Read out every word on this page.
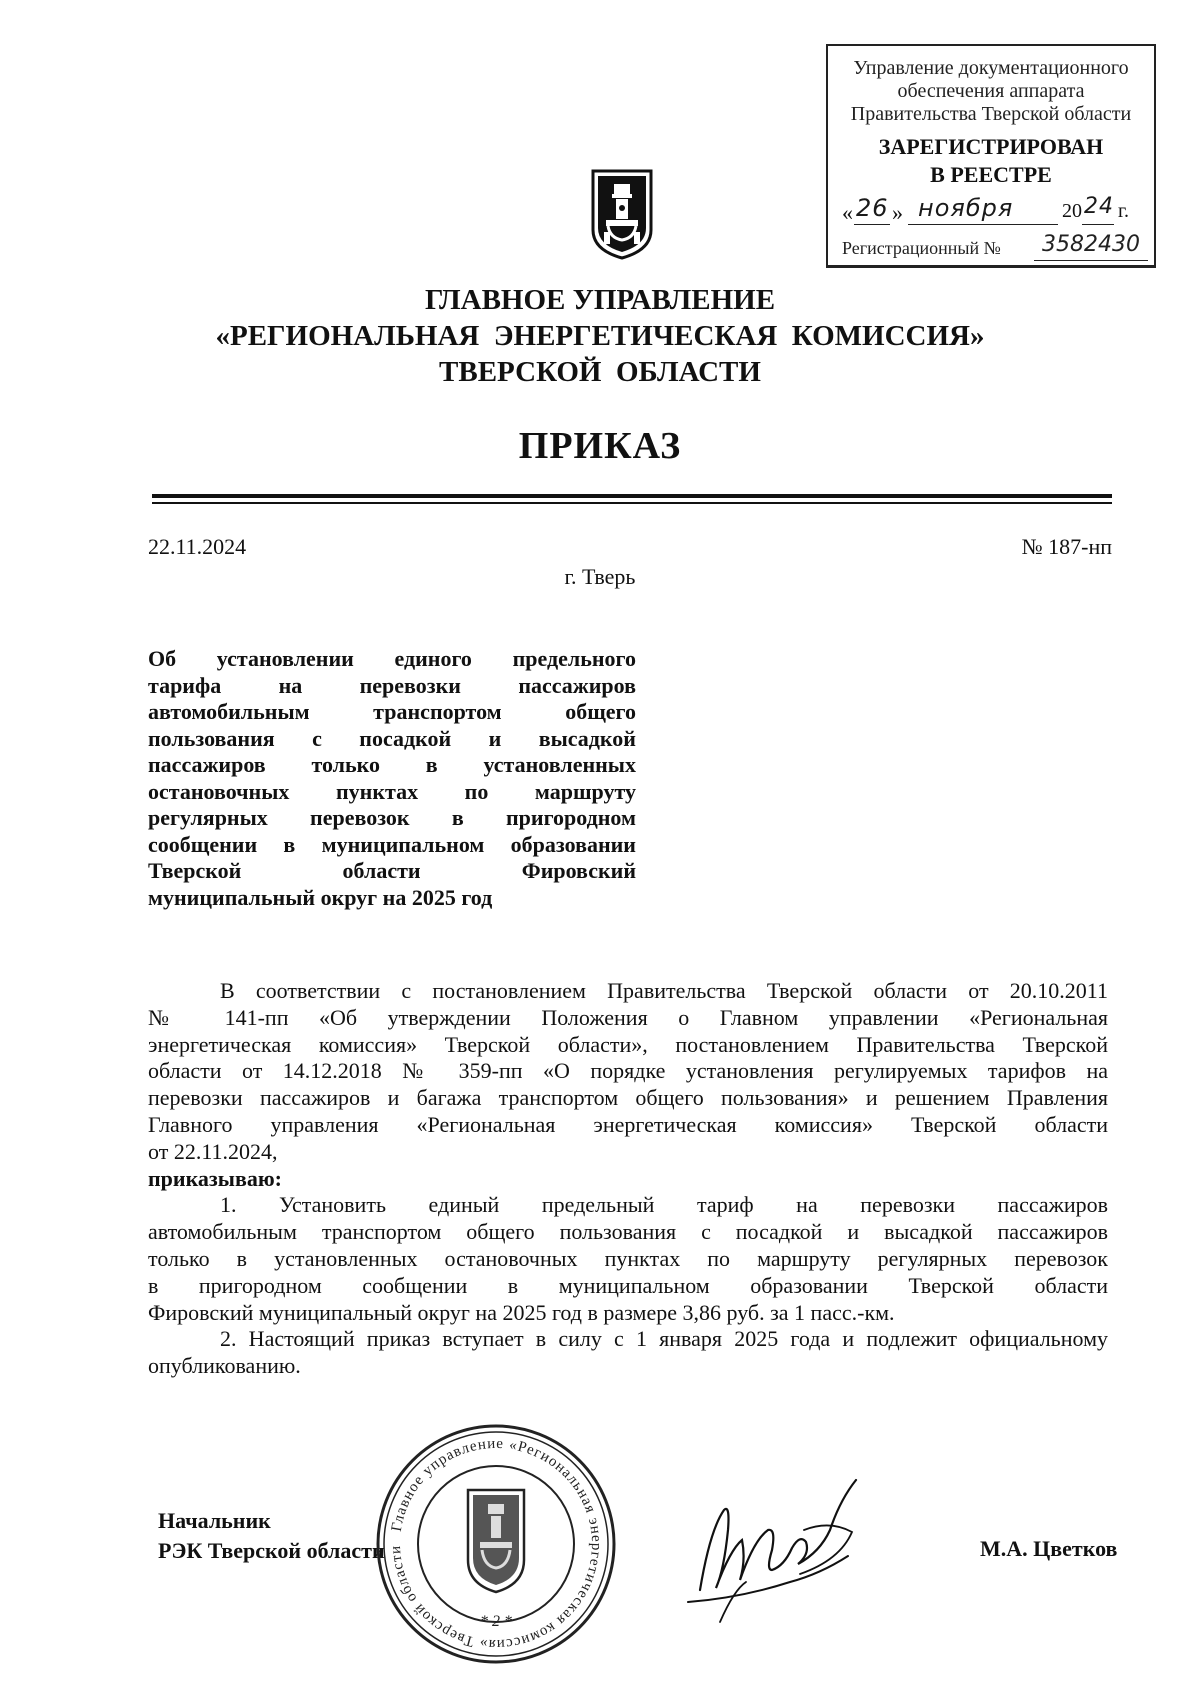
Управление документационного
обеспечения аппарата
Правительства Тверской области
ЗАРЕГИСТРИРОВАН
В РЕЕСТРЕ
« 26 » ноября 20 24 г.
Регистрационный № 3582430
ГЛАВНОЕ УПРАВЛЕНИЕ
«РЕГИОНАЛЬНАЯ  ЭНЕРГЕТИЧЕСКАЯ  КОМИССИЯ»
ТВЕРСКОЙ  ОБЛАСТИ
ПРИКАЗ
22.11.2024	№ 187-нп
г. Тверь
Об установлении единого предельного
тарифа на перевозки пассажиров
автомобильным транспортом общего
пользования с посадкой и высадкой
пассажиров только в установленных
остановочных пунктах по маршруту
регулярных перевозок в пригородном
сообщении в муниципальном образовании
Тверской области Фировский
муниципальный округ на 2025 год
В соответствии с постановлением Правительства Тверской области от 20.10.2011
№ 141-пп «Об утверждении Положения о Главном управлении «Региональная
энергетическая комиссия» Тверской области», постановлением Правительства Тверской
области от 14.12.2018 № 359-пп «О порядке установления регулируемых тарифов на
перевозки пассажиров и багажа транспортом общего пользования» и решением Правления
Главного управления «Региональная энергетическая комиссия» Тверской области
от 22.11.2024,
приказываю:
1. Установить единый предельный тариф на перевозки пассажиров
автомобильным транспортом общего пользования с посадкой и высадкой пассажиров
только в установленных остановочных пунктах по маршруту регулярных перевозок
в пригородном сообщении в муниципальном образовании Тверской области
Фировский муниципальный округ на 2025 год в размере 3,86 руб. за 1 пасс.-км.
2. Настоящий приказ вступает в силу с 1 января 2025 года и подлежит официальному
опубликованию.
Начальник
РЭК Тверской области
Главное управление «Региональная энергетическая комиссия» Тверской области
* 2 *
М.А. Цветков
